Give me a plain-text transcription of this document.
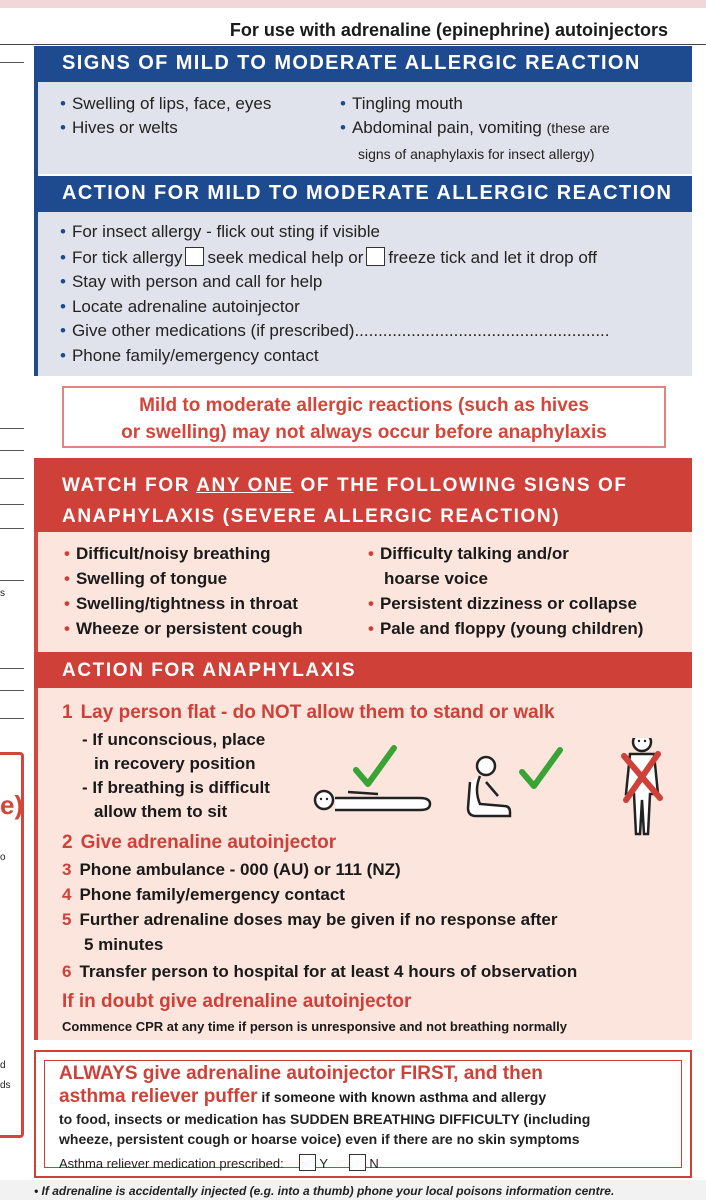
s
o
d
ds
e)
For use with adrenaline (epinephrine) autoinjectors
SIGNS OF MILD TO MODERATE ALLERGIC REACTION
• Swelling of lips, face, eyes
• Hives or welts
• Tingling mouth
• Abdominal pain, vomiting (these are
signs of anaphylaxis for insect allergy)
ACTION FOR MILD TO MODERATE ALLERGIC REACTION
• For insect allergy - flick out sting if visible
• For tick allergy seek medical help or freeze tick and let it drop off
• Stay with person and call for help
• Locate adrenaline autoinjector
• Give other medications (if prescribed)......................................................
• Phone family/emergency contact
Mild to moderate allergic reactions (such as hives
or swelling) may not always occur before anaphylaxis
WATCH FOR ANY ONE OF THE FOLLOWING SIGNS OF
ANAPHYLAXIS (SEVERE ALLERGIC REACTION)
• Difficult/noisy breathing
• Swelling of tongue
• Swelling/tightness in throat
• Wheeze or persistent cough
• Difficulty talking and/or
hoarse voice
• Persistent dizziness or collapse
• Pale and floppy (young children)
ACTION FOR ANAPHYLAXIS
1 Lay person flat - do NOT allow them to stand or walk
- If unconscious, place
in recovery position
- If breathing is difficult
allow them to sit
2 Give adrenaline autoinjector
3 Phone ambulance - 000 (AU) or 111 (NZ)
4 Phone family/emergency contact
5 Further adrenaline doses may be given if no response after
5 minutes
6 Transfer person to hospital for at least 4 hours of observation
If in doubt give adrenaline autoinjector
Commence CPR at any time if person is unresponsive and not breathing normally
ALWAYS give adrenaline autoinjector FIRST, and then
asthma reliever puffer if someone with known asthma and allergy
to food, insects or medication has SUDDEN BREATHING DIFFICULTY (including
wheeze, persistent cough or hoarse voice) even if there are no skin symptoms
Asthma reliever medication prescribed:	Y	N
• If adrenaline is accidentally injected (e.g. into a thumb) phone your local poisons information centre.
